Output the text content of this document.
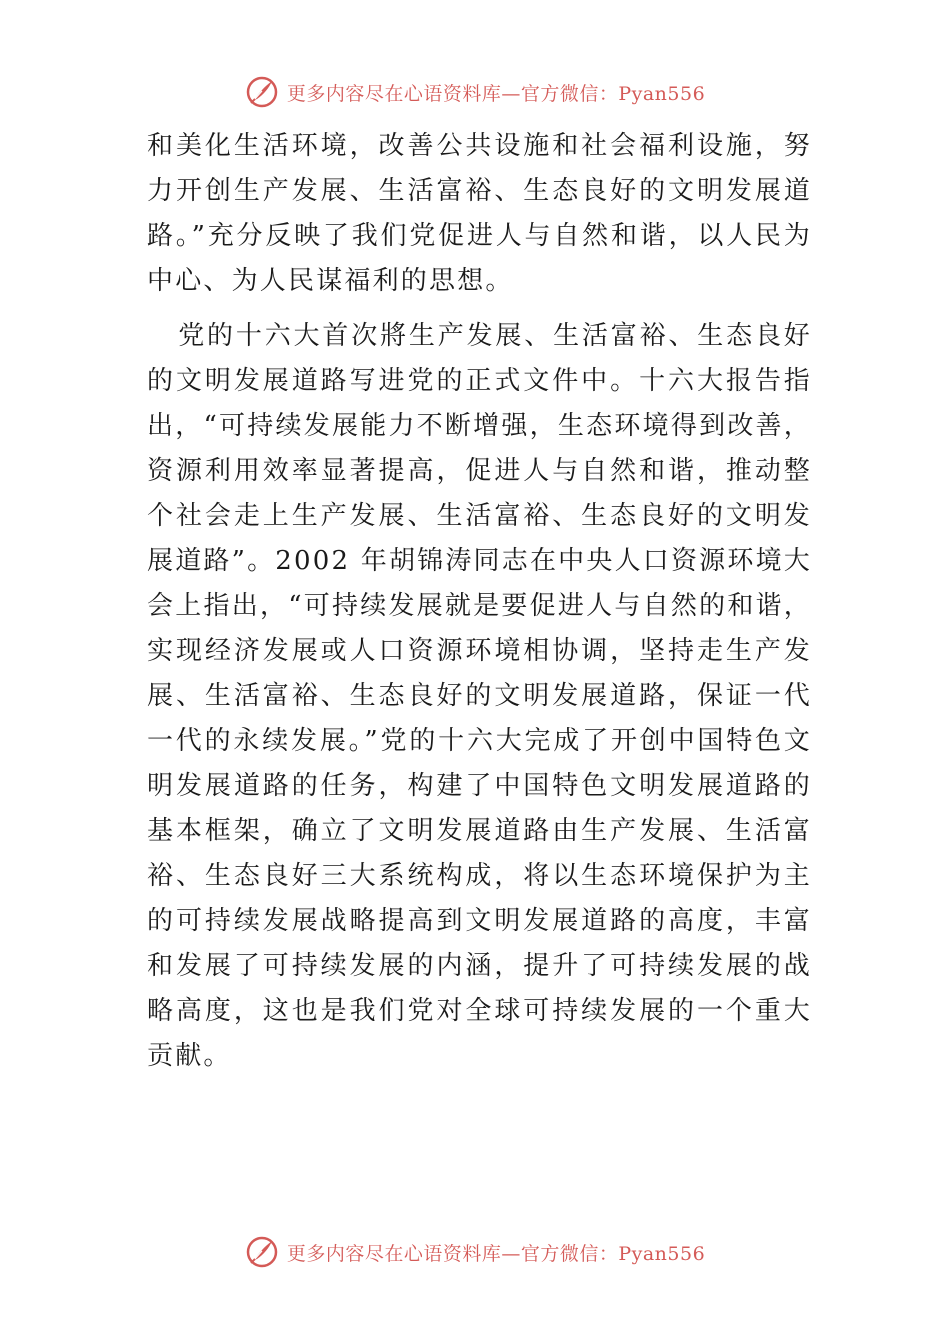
更多内容尽在心语资料库—官方微信：Pyan556

和美化生活环境，改善公共设施和社会福利设施，努力开创生产发展、生活富裕、生态良好的文明发展道路。”充分反映了我们党促进人与自然和谐，以人民为中心、为人民谋福利的思想。

党的十六大首次將生产发展、生活富裕、生态良好的文明发展道路写进党的正式文件中。十六大报告指出，“可持续发展能力不断增强，生态环境得到改善，资源利用效率显著提高，促进人与自然和谐，推动整个社会走上生产发展、生活富裕、生态良好的文明发展道路”。2002 年胡锦涛同志在中央人口资源环境大会上指出，“可持续发展就是要促进人与自然的和谐，实现经济发展或人口资源环境相协调，坚持走生产发展、生活富裕、生态良好的文明发展道路，保证一代一代的永续发展。”党的十六大完成了开创中国特色文明发展道路的任务，构建了中国特色文明发展道路的基本框架，确立了文明发展道路由生产发展、生活富裕、生态良好三大系统构成，将以生态环境保护为主的可持续发展战略提高到文明发展道路的高度，丰富和发展了可持续发展的内涵，提升了可持续发展的战略高度，这也是我们党对全球可持续发展的一个重大贡献。

更多内容尽在心语资料库—官方微信：Pyan556
